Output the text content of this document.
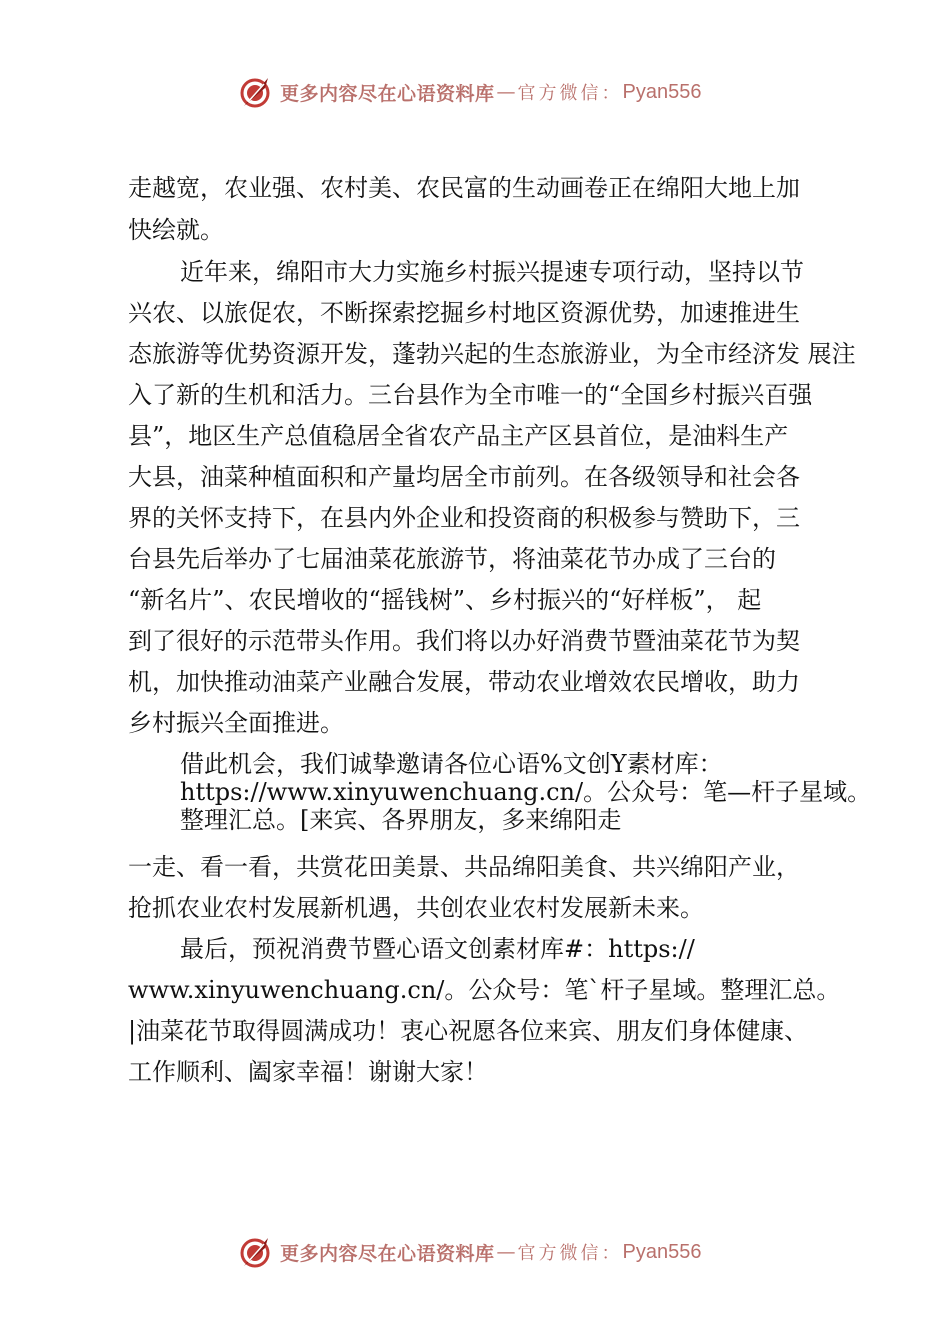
更多内容尽在心语资料库 — 官方微信： Pyan556
走越宽，农业强、农村美、农民富的生动画卷正在绵阳大地上加
快绘就。
近年来，绵阳市大力实施乡村振兴提速专项行动，坚持以节
兴农、以旅促农，不断探索挖掘乡村地区资源优势，加速推进生
态旅游等优势资源开发，蓬勃兴起的生态旅游业，为全市经济发 展注
入了新的生机和活力。三台县作为全市唯一的“全国乡村振兴百强
县”，地区生产总值稳居全省农产品主产区县首位，是油料生产
大县，油菜种植面积和产量均居全市前列。在各级领导和社会各
界的关怀支持下，在县内外企业和投资商的积极参与赞助下，三
台县先后举办了七届油菜花旅游节，将油菜花节办成了三台的
“新名片”、农民增收的“摇钱树”、乡村振兴的“好样板”， 起
到了很好的示范带头作用。我们将以办好消费节暨油菜花节为契
机，加快推动油菜产业融合发展，带动农业增效农民增收，助力
乡村振兴全面推进。
借此机会，我们诚挚邀请各位心语%文创Y素材库：
https://www.xinyuwenchuang.cn/。公众号：笔—杆子星域。
整理汇总。[来宾、各界朋友，多来绵阳走
一走、看一看，共赏花田美景、共品绵阳美食、共兴绵阳产业，
抢抓农业农村发展新机遇，共创农业农村发展新未来。
最后，预祝消费节暨心语文创素材库#：https://
www.xinyuwenchuang.cn/。公众号：笔`杆子星域。整理汇总。
|油菜花节取得圆满成功！衷心祝愿各位来宾、朋友们身体健康、
工作顺利、阖家幸福！谢谢大家！
更多内容尽在心语资料库 — 官方微信： Pyan556
